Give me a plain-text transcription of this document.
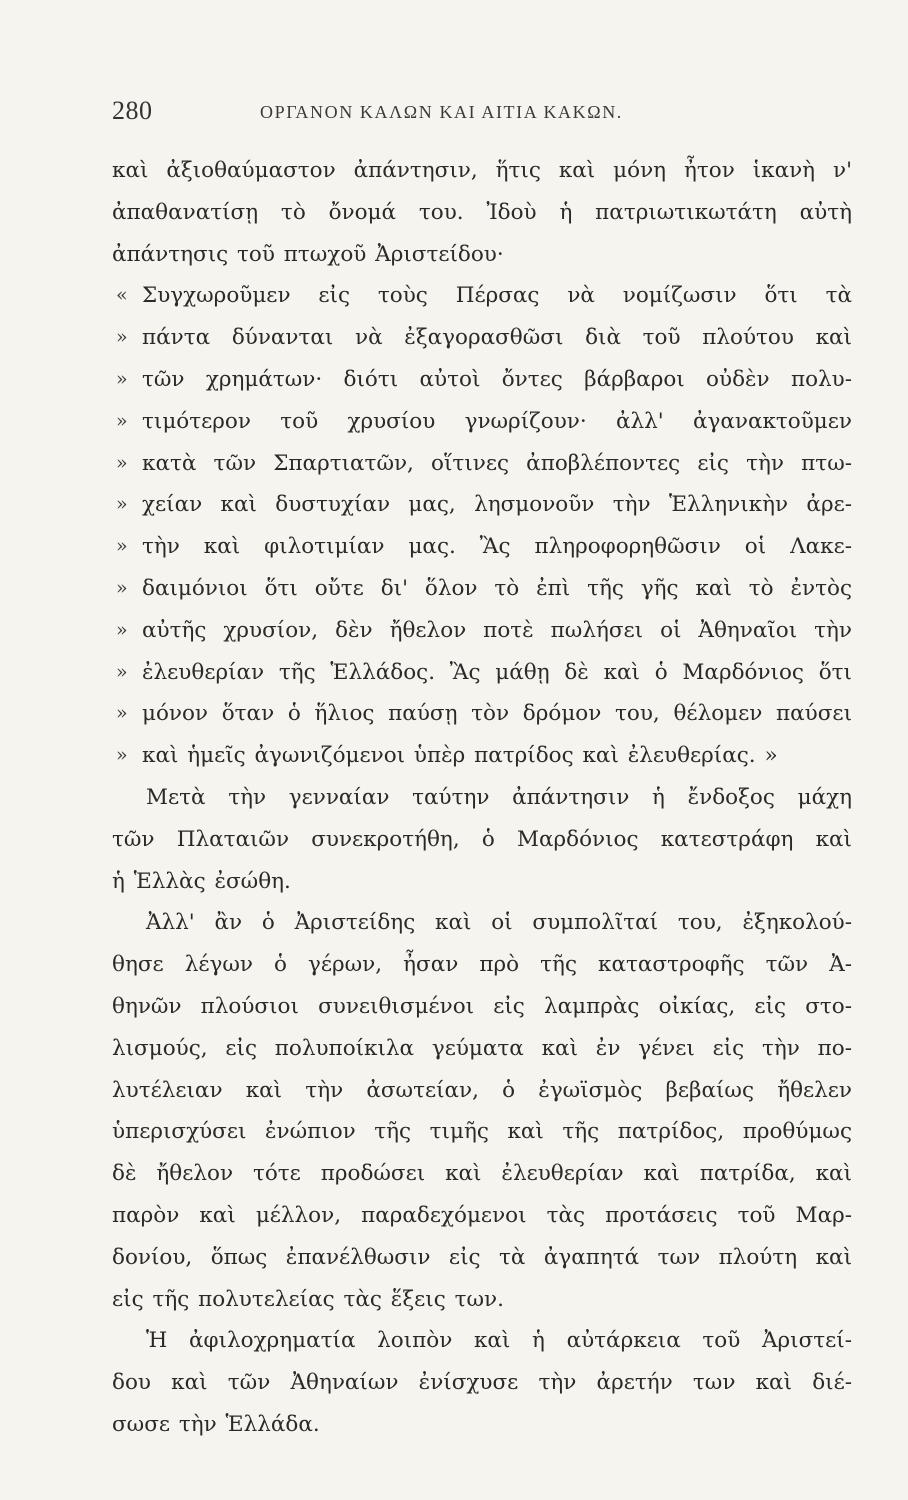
280	ΟΡΓΑΝΟΝ ΚΑΛΩΝ ΚΑΙ ΑΙΤΙΑ ΚΑΚΩΝ.
καὶ ἀξιοθαύμαστον ἀπάντησιν, ἥτις καὶ μόνη ἦτον ἱκανὴ ν'
ἀπαθανατίσῃ τὸ ὄνομά του. Ἰδοὺ ἡ πατριωτικωτάτη αὐτὴ
ἀπάντησις τοῦ πτωχοῦ Ἀριστείδου·
« Συγχωροῦμεν εἰς τοὺς Πέρσας νὰ νομίζωσιν ὅτι τὰ
» πάντα δύνανται νὰ ἐξαγορασθῶσι διὰ τοῦ πλούτου καὶ
» τῶν χρημάτων· διότι αὐτοὶ ὄντες βάρβαροι οὐδὲν πολυ-
» τιμότερον τοῦ χρυσίου γνωρίζουν· ἀλλ' ἀγανακτοῦμεν
» κατὰ τῶν Σπαρτιατῶν, οἵτινες ἀποβλέποντες εἰς τὴν πτω-
» χείαν καὶ δυστυχίαν μας, λησμονοῦν τὴν Ἑλληνικὴν ἀρε-
» τὴν καὶ φιλοτιμίαν μας. Ἂς πληροφορηθῶσιν οἱ Λακε-
» δαιμόνιοι ὅτι οὔτε δι' ὅλον τὸ ἐπὶ τῆς γῆς καὶ τὸ ἐντὸς
» αὐτῆς χρυσίον, δὲν ἤθελον ποτὲ πωλήσει οἱ Ἀθηναῖοι τὴν
» ἐλευθερίαν τῆς Ἑλλάδος. Ἂς μάθῃ δὲ καὶ ὁ Μαρδόνιος ὅτι
» μόνον ὅταν ὁ ἥλιος παύσῃ τὸν δρόμον του, θέλομεν παύσει
» καὶ ἡμεῖς ἀγωνιζόμενοι ὑπὲρ πατρίδος καὶ ἐλευθερίας. »
Μετὰ τὴν γενναίαν ταύτην ἀπάντησιν ἡ ἔνδοξος μάχη
τῶν Πλαταιῶν συνεκροτήθη, ὁ Μαρδόνιος κατεστράφη καὶ
ἡ Ἑλλὰς ἐσώθη.
Ἀλλ' ἂν ὁ Ἀριστείδης καὶ οἱ συμπολῖταί του, ἐξηκολού-
θησε λέγων ὁ γέρων, ἦσαν πρὸ τῆς καταστροφῆς τῶν Ἀ-
θηνῶν πλούσιοι συνειθισμένοι εἰς λαμπρὰς οἰκίας, εἰς στο-
λισμούς, εἰς πολυποίκιλα γεύματα καὶ ἐν γένει εἰς τὴν πο-
λυτέλειαν καὶ τὴν ἀσωτείαν, ὁ ἐγωϊσμὸς βεβαίως ἤθελεν
ὑπερισχύσει ἐνώπιον τῆς τιμῆς καὶ τῆς πατρίδος, προθύμως
δὲ ἤθελον τότε προδώσει καὶ ἐλευθερίαν καὶ πατρίδα, καὶ
παρὸν καὶ μέλλον, παραδεχόμενοι τὰς προτάσεις τοῦ Μαρ-
δονίου, ὅπως ἐπανέλθωσιν εἰς τὰ ἀγαπητά των πλούτη καὶ
εἰς τῆς πολυτελείας τὰς ἕξεις των.
Ἡ ἀφιλοχρηματία λοιπὸν καὶ ἡ αὐτάρκεια τοῦ Ἀριστεί-
δου καὶ τῶν Ἀθηναίων ἐνίσχυσε τὴν ἀρετήν των καὶ διέ-
σωσε τὴν Ἑλλάδα.
